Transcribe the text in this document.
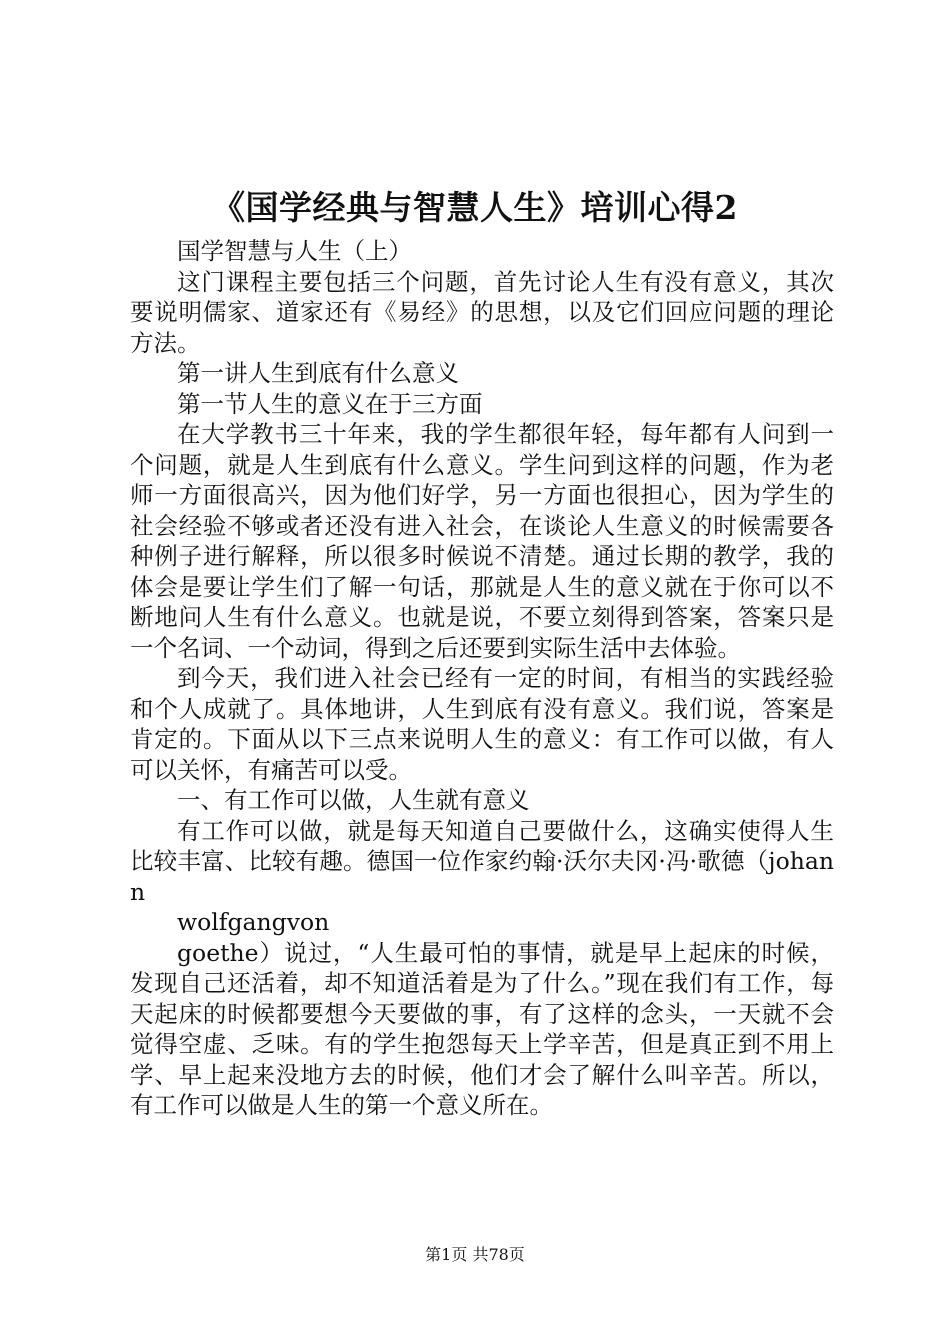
《国学经典与智慧人生》培训心得2

国学智慧与人生（上）

这门课程主要包括三个问题，首先讨论人生有没有意义，其次要说明儒家、道家还有《易经》的思想，以及它们回应问题的理论方法。

第一讲人生到底有什么意义

第一节人生的意义在于三方面

在大学教书三十年来，我的学生都很年轻，每年都有人问到一个问题，就是人生到底有什么意义。学生问到这样的问题，作为老师一方面很高兴，因为他们好学，另一方面也很担心，因为学生的社会经验不够或者还没有进入社会，在谈论人生意义的时候需要各种例子进行解释，所以很多时候说不清楚。通过长期的教学，我的体会是要让学生们了解一句话，那就是人生的意义就在于你可以不断地问人生有什么意义。也就是说，不要立刻得到答案，答案只是一个名词、一个动词，得到之后还要到实际生活中去体验。

到今天，我们进入社会已经有一定的时间，有相当的实践经验和个人成就了。具体地讲，人生到底有没有意义。我们说，答案是肯定的。下面从以下三点来说明人生的意义：有工作可以做，有人可以关怀，有痛苦可以受。

一、有工作可以做，人生就有意义

有工作可以做，就是每天知道自己要做什么，这确实使得人生比较丰富、比较有趣。德国一位作家约翰·沃尔夫冈·冯·歌德（johann

wolfgangvon

goethe）说过，“人生最可怕的事情，就是早上起床的时候，发现自己还活着，却不知道活着是为了什么。”现在我们有工作，每天起床的时候都要想今天要做的事，有了这样的念头，一天就不会觉得空虚、乏味。有的学生抱怨每天上学辛苦，但是真正到不用上学、早上起来没地方去的时候，他们才会了解什么叫辛苦。所以，有工作可以做是人生的第一个意义所在。

第1页 共78页
